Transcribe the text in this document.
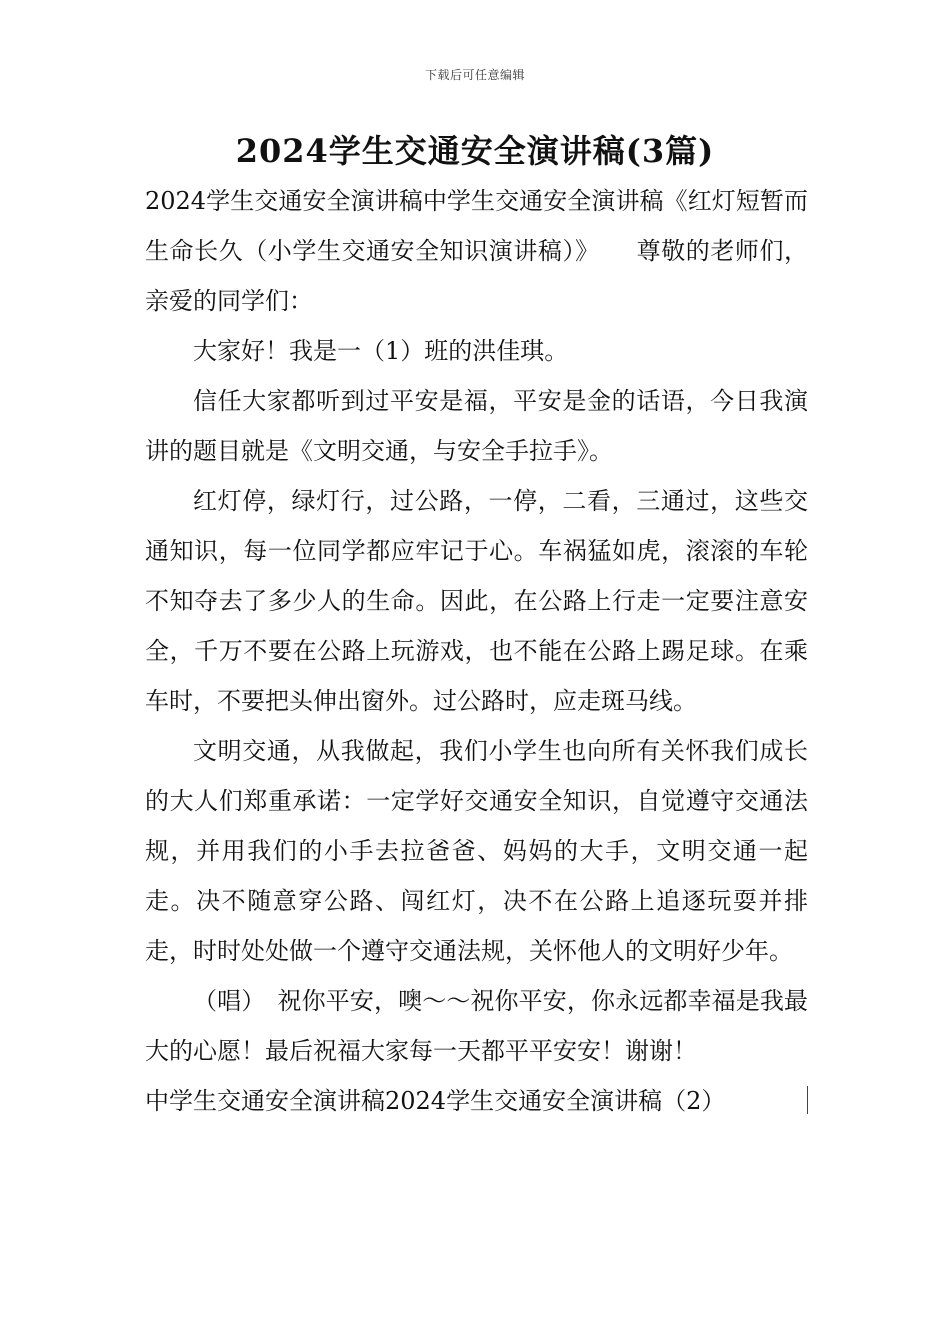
下载后可任意编辑
2024学生交通安全演讲稿(3篇)

2024学生交通安全演讲稿中学生交通安全演讲稿《红灯短暂而生命长久（小学生交通安全知识演讲稿）》　　尊敬的老师们，亲爱的同学们：

大家好！我是一（1）班的洪佳琪。

信任大家都听到过平安是福，平安是金的话语，今日我演讲的题目就是《文明交通，与安全手拉手》。

红灯停，绿灯行，过公路，一停，二看，三通过，这些交通知识，每一位同学都应牢记于心。车祸猛如虎，滚滚的车轮不知夺去了多少人的生命。因此，在公路上行走一定要注意安全，千万不要在公路上玩游戏，也不能在公路上踢足球。在乘车时，不要把头伸出窗外。过公路时，应走斑马线。

文明交通，从我做起，我们小学生也向所有关怀我们成长的大人们郑重承诺：一定学好交通安全知识，自觉遵守交通法规，并用我们的小手去拉爸爸、妈妈的大手，文明交通一起走。决不随意穿公路、闯红灯，决不在公路上追逐玩耍并排走，时时处处做一个遵守交通法规，关怀他人的文明好少年。

（唱）　祝你平安，噢～～祝你平安，你永远都幸福是我最大的心愿！最后祝福大家每一天都平平安安！谢谢！

中学生交通安全演讲稿2024学生交通安全演讲稿（2）
